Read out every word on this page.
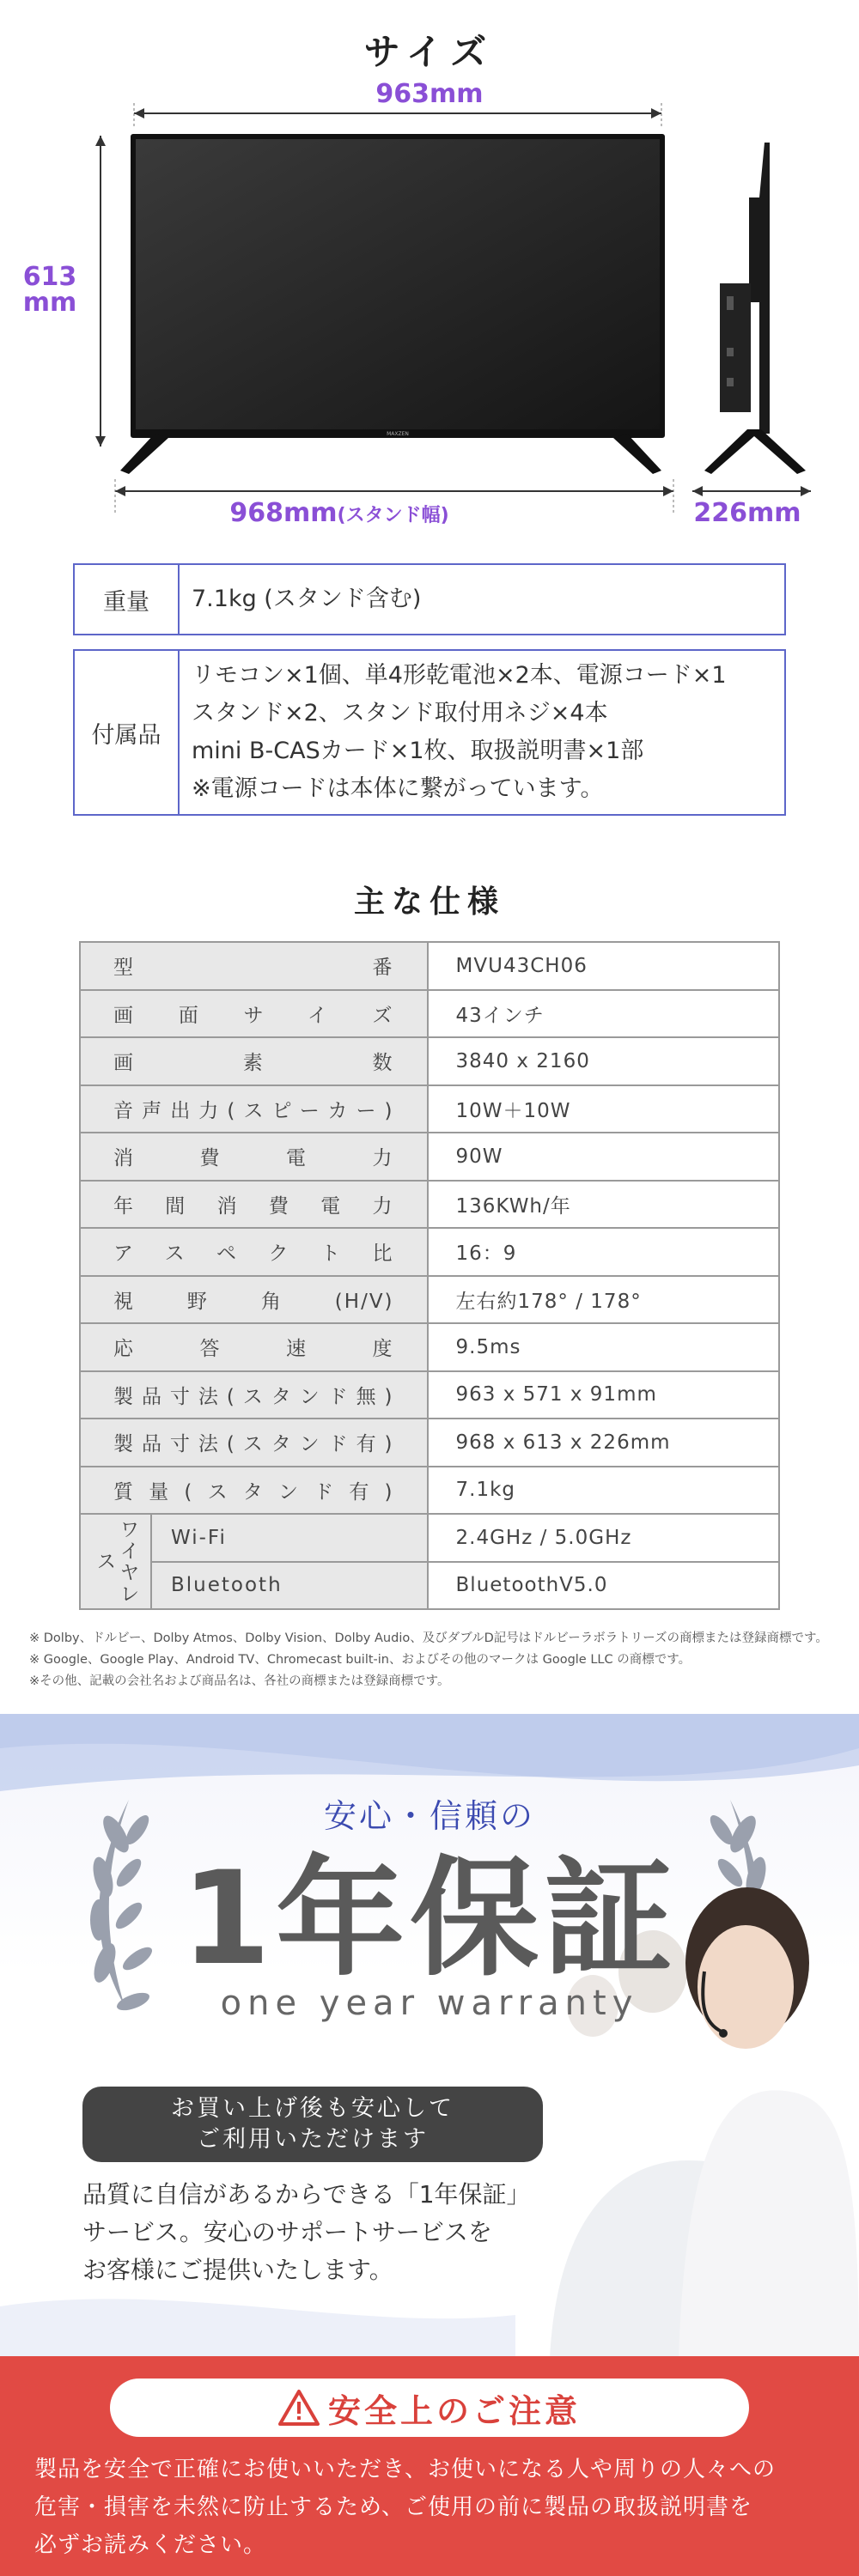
サイズ
963mm
MAXZEN
613
mm
968mm(スタンド幅)	226mm
重量	7.1kg (スタンド含む)
付属品
リモコン×1個、単4形乾電池×2本、電源コード×1
スタンド×2、スタンド取付用ネジ×4本
mini B-CASカード×1枚、取扱説明書×1部
※電源コードは本体に繋がっています。
主な仕様
型番		MVU43CH06

画面サイズ		43インチ

画素数		3840 x 2160

音声出力(スピーカー)		10W＋10W

消費電力		90W

年間消費電力		136KWh/年

アスペクト比		16：9

視野角(H/V)		左右約178° / 178°

応答速度		9.5ms

製品寸法(スタンド無)		963 x 571 x 91mm

製品寸法(スタンド有)		968 x 613 x 226mm

質量(スタンド有)		7.1kg

ワイヤレス	Wi-Fi	2.4GHz / 5.0GHz

	Bluetooth	BluetoothV5.0
※ Dolby、ドルビー、Dolby Atmos、Dolby Vision、Dolby Audio、及びダブルD記号はドルビーラボラトリーズの商標または登録商標です。
※ Google、Google Play、Android TV、Chromecast built-in、およびその他のマークは Google LLC の商標です。
※その他、記載の会社名および商品名は、各社の商標または登録商標です。
安心・信頼の
1年保証
one year warranty
お買い上げ後も安心して
ご利用いただけます
品質に自信があるからできる「1年保証」
サービス。安心のサポートサービスを
お客様にご提供いたします。
安全上のご注意
製品を安全で正確にお使いいただき、お使いになる人や周りの人々への
危害・損害を未然に防止するため、ご使用の前に製品の取扱説明書を
必ずお読みください。
